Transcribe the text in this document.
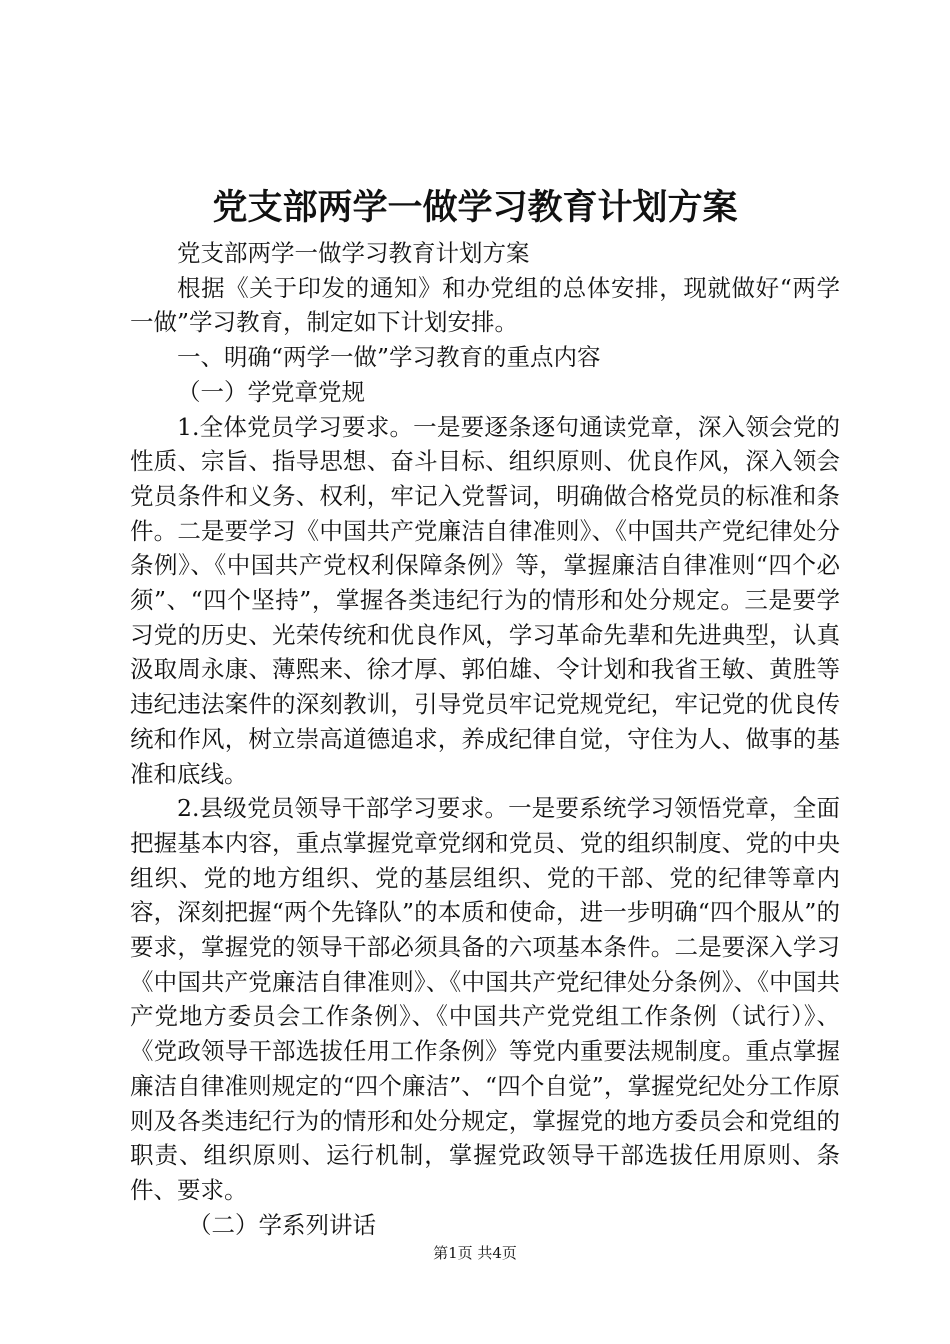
党支部两学一做学习教育计划方案

党支部两学一做学习教育计划方案

根据《关于印发的通知》和办党组的总体安排，现就做好“两学一做”学习教育，制定如下计划安排。

一、明确“两学一做”学习教育的重点内容

（一）学党章党规

1.全体党员学习要求。一是要逐条逐句通读党章，深入领会党的性质、宗旨、指导思想、奋斗目标、组织原则、优良作风，深入领会党员条件和义务、权利，牢记入党誓词，明确做合格党员的标准和条件。二是要学习《中国共产党廉洁自律准则》、《中国共产党纪律处分条例》、《中国共产党权利保障条例》等，掌握廉洁自律准则“四个必须”、“四个坚持”，掌握各类违纪行为的情形和处分规定。三是要学习党的历史、光荣传统和优良作风，学习革命先辈和先进典型，认真汲取周永康、薄熙来、徐才厚、郭伯雄、令计划和我省王敏、黄胜等违纪违法案件的深刻教训，引导党员牢记党规党纪，牢记党的优良传统和作风，树立崇高道德追求，养成纪律自觉，守住为人、做事的基准和底线。

2.县级党员领导干部学习要求。一是要系统学习领悟党章，全面把握基本内容，重点掌握党章党纲和党员、党的组织制度、党的中央组织、党的地方组织、党的基层组织、党的干部、党的纪律等章内容，深刻把握“两个先锋队”的本质和使命，进一步明确“四个服从”的要求，掌握党的领导干部必须具备的六项基本条件。二是要深入学习《中国共产党廉洁自律准则》、《中国共产党纪律处分条例》、《中国共产党地方委员会工作条例》、《中国共产党党组工作条例（试行）》、《党政领导干部选拔任用工作条例》等党内重要法规制度。重点掌握廉洁自律准则规定的“四个廉洁”、“四个自觉”，掌握党纪处分工作原则及各类违纪行为的情形和处分规定，掌握党的地方委员会和党组的职责、组织原则、运行机制，掌握党政领导干部选拔任用原则、条件、要求。

（二）学系列讲话

第1页 共4页
